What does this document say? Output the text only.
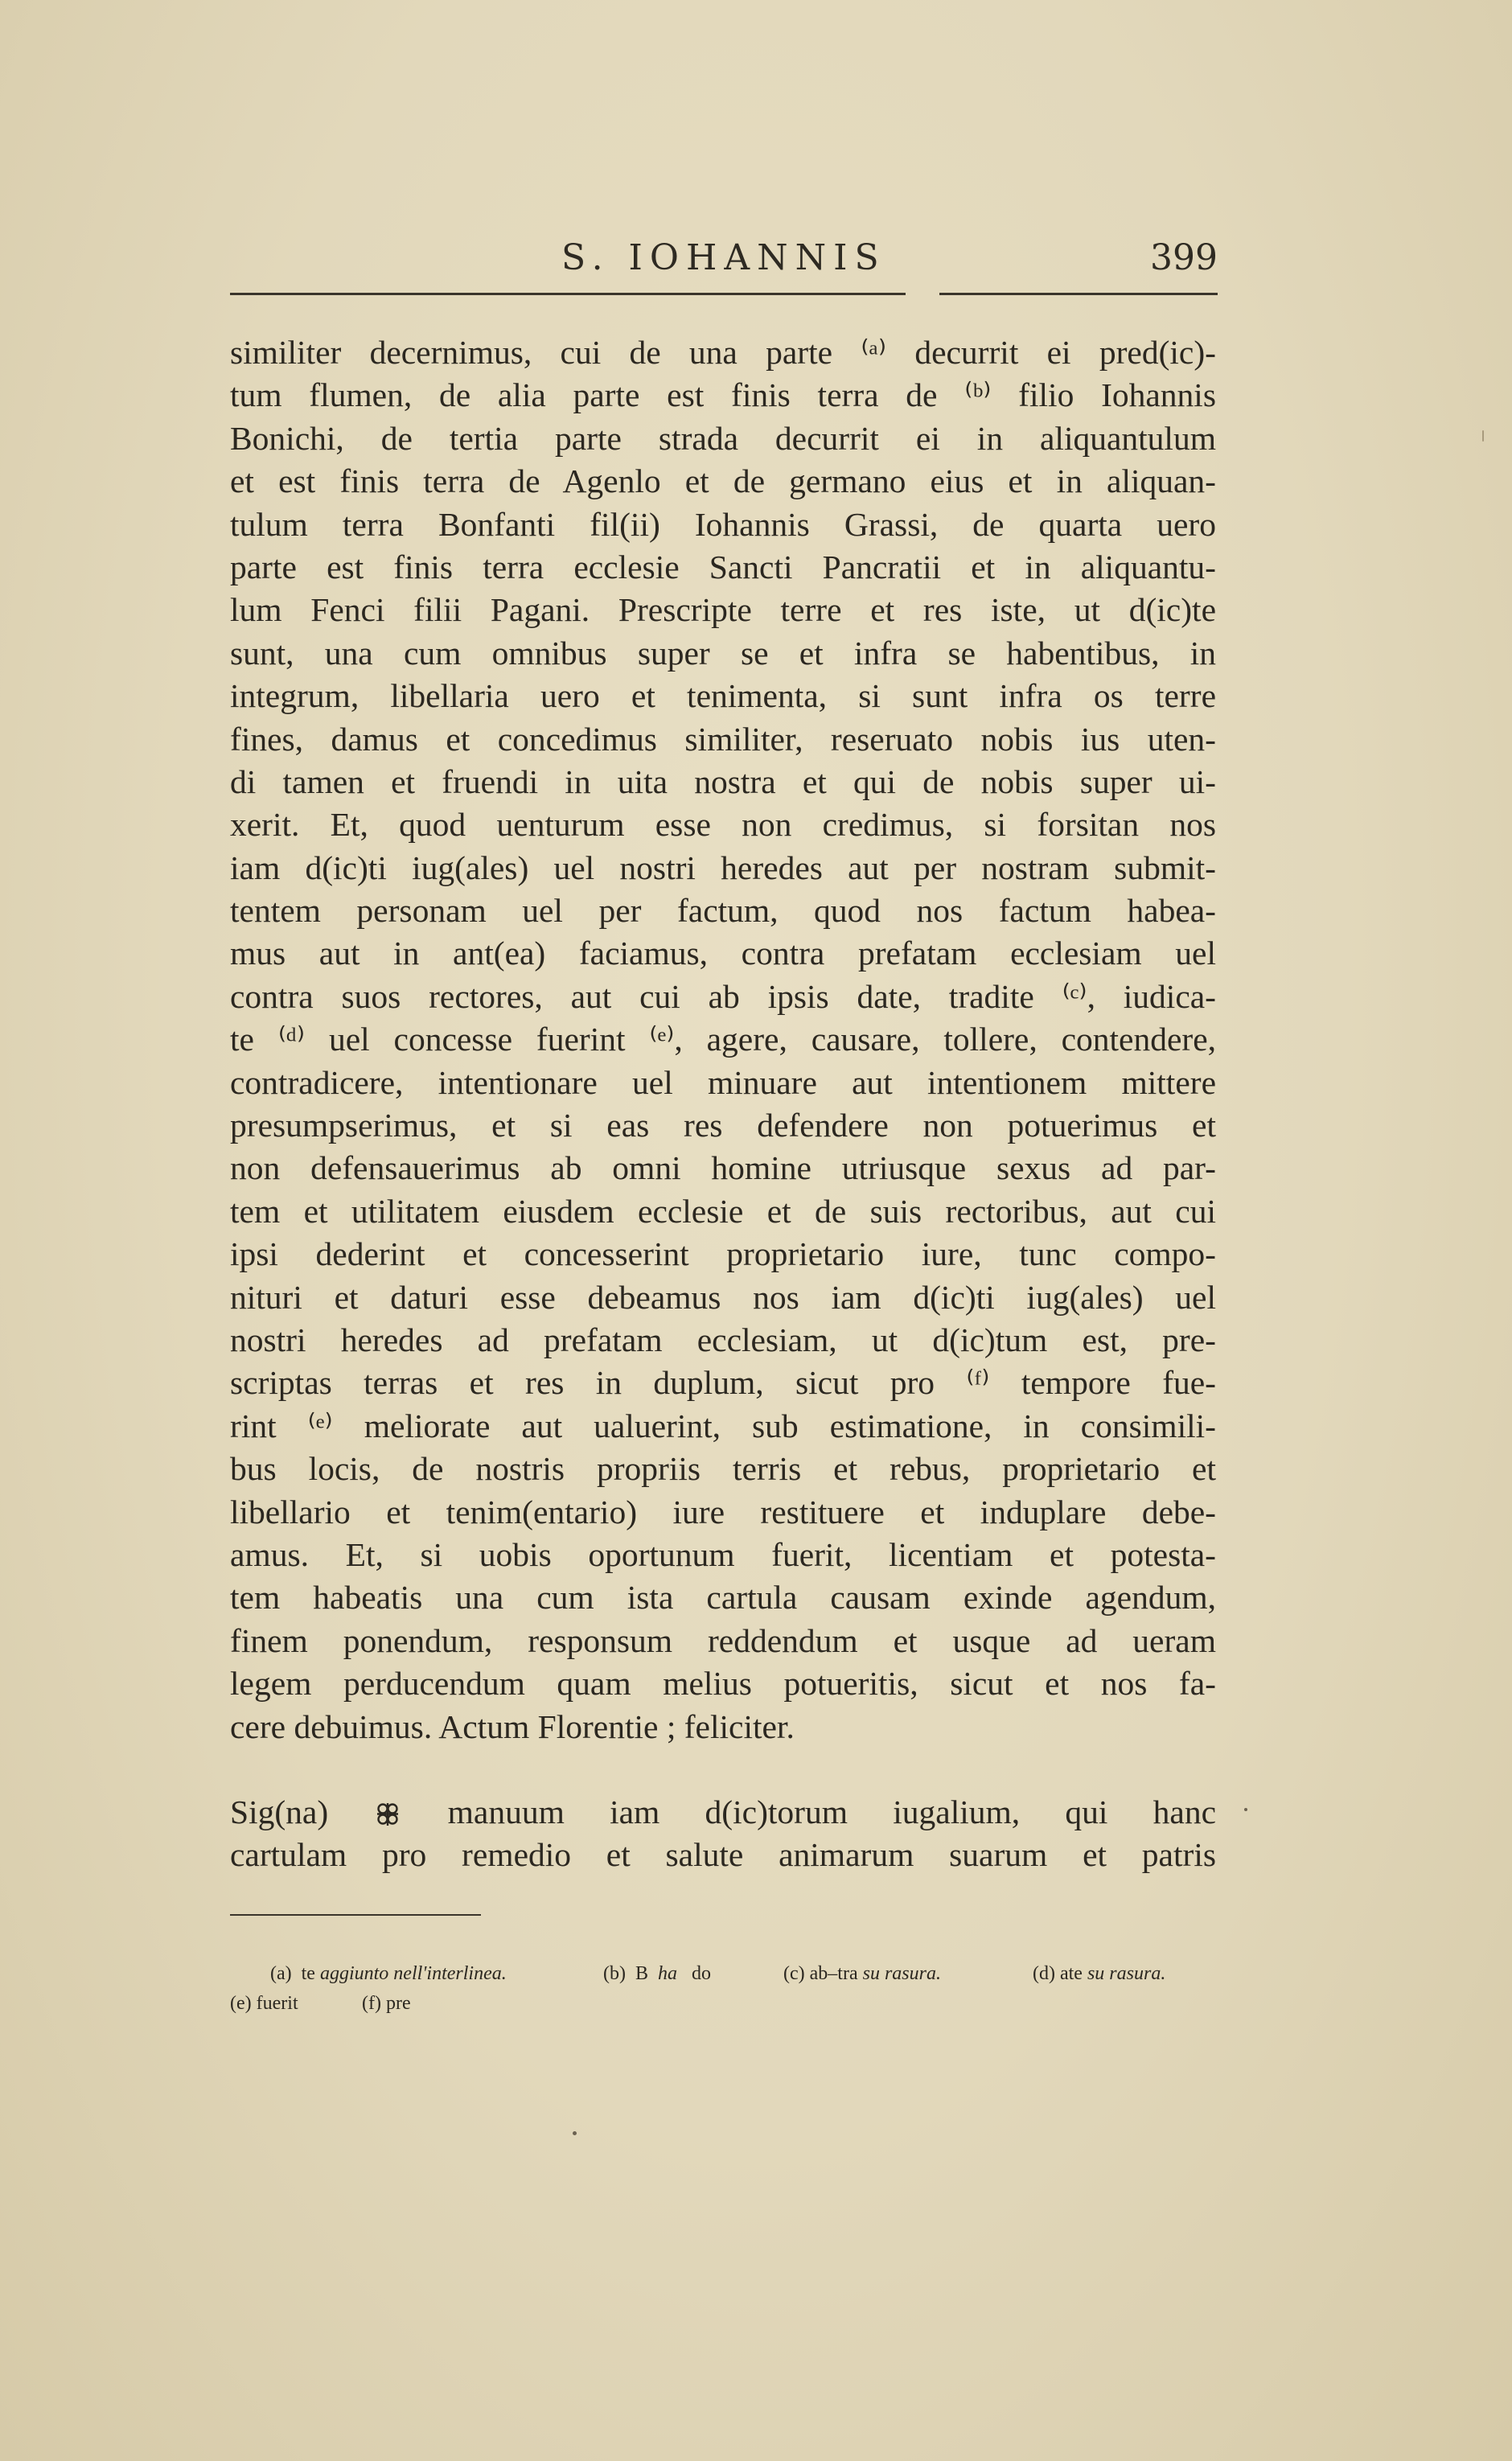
S. IOHANNIS	399
similiter decernimus, cui de una parte ⁽ᵃ⁾ decurrit ei pred(ic)-
tum flumen, de alia parte est finis terra de ⁽ᵇ⁾ filio Iohannis
Bonichi, de tertia parte strada decurrit ei in aliquantulum
et est finis terra de Agenlo et de germano eius et in aliquan-
tulum terra Bonfanti fil(ii) Iohannis Grassi, de quarta uero
parte est finis terra ecclesie Sancti Pancratii et in aliquantu-
lum Fenci filii Pagani. Prescripte terre et res iste, ut d(ic)te
sunt, una cum omnibus super se et infra se habentibus, in
integrum, libellaria uero et tenimenta, si sunt infra os terre
fines, damus et concedimus similiter, reseruato nobis ius uten-
di tamen et fruendi in uita nostra et qui de nobis super ui-
xerit. Et, quod uenturum esse non credimus, si forsitan nos
iam d(ic)ti iug(ales) uel nostri heredes aut per nostram submit-
tentem personam uel per factum, quod nos factum habea-
mus aut in ant(ea) faciamus, contra prefatam ecclesiam uel
contra suos rectores, aut cui ab ipsis date, tradite ⁽ᶜ⁾, iudica-
te ⁽ᵈ⁾ uel concesse fuerint ⁽ᵉ⁾, agere, causare, tollere, contendere,
contradicere, intentionare uel minuare aut intentionem mittere
presumpserimus, et si eas res defendere non potuerimus et
non defensauerimus ab omni homine utriusque sexus ad par-
tem et utilitatem eiusdem ecclesie et de suis rectoribus, aut cui
ipsi dederint et concesserint proprietario iure, tunc compo-
nituri et daturi esse debeamus nos iam d(ic)ti iug(ales) uel
nostri heredes ad prefatam ecclesiam, ut d(ic)tum est, pre-
scriptas terras et res in duplum, sicut pro ⁽ᶠ⁾ tempore fue-
rint ⁽ᵉ⁾ meliorate aut ualuerint, sub estimatione, in consimili-
bus locis, de nostris propriis terris et rebus, proprietario et
libellario et tenim(entario) iure restituere et induplare debe-
amus. Et, si uobis oportunum fuerit, licentiam et potesta-
tem habeatis una cum ista cartula causam exinde agendum,
finem ponendum, responsum reddendum et usque ad ueram
legem perducendum quam melius potueritis, sicut et nos fa-
cere debuimus. Actum Florentie ; feliciter.
Sig(na)	manuum iam d(ic)torum iugalium, qui hanc
cartulam pro remedio et salute animarum suarum et patris
(a) te aggiunto nell'interlinea.	(b) B ha do	(c) ab–tra su rasura.	(d) ate su rasura.
(e) fuerit	(f) pre
